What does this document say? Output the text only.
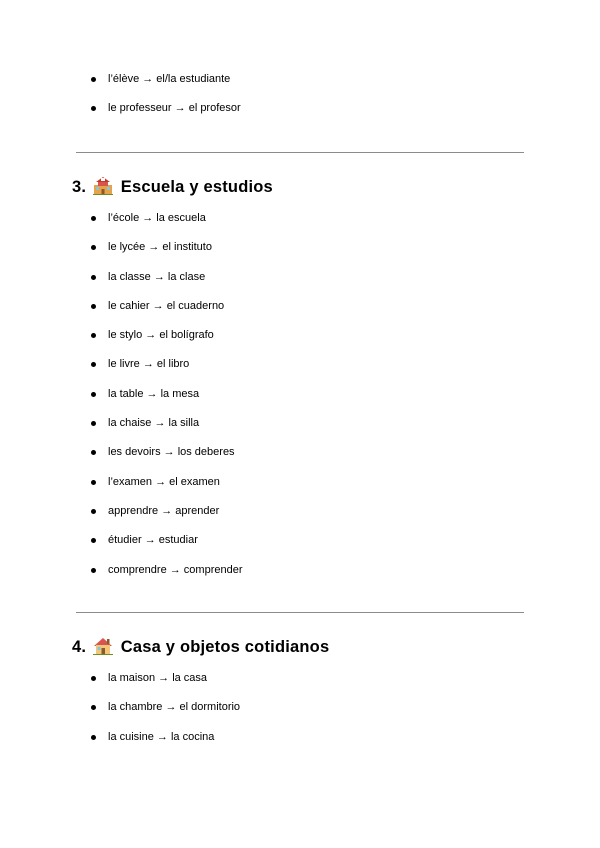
l’élève → el/la estudiante
le professeur → el profesor
3. Escuela y estudios
l’école → la escuela
le lycée → el instituto
la classe → la clase
le cahier → el cuaderno
le stylo → el bolígrafo
le livre → el libro
la table → la mesa
la chaise → la silla
les devoirs → los deberes
l’examen → el examen
apprendre → aprender
étudier → estudiar
comprendre → comprender
4. Casa y objetos cotidianos
la maison → la casa
la chambre → el dormitorio
la cuisine → la cocina
